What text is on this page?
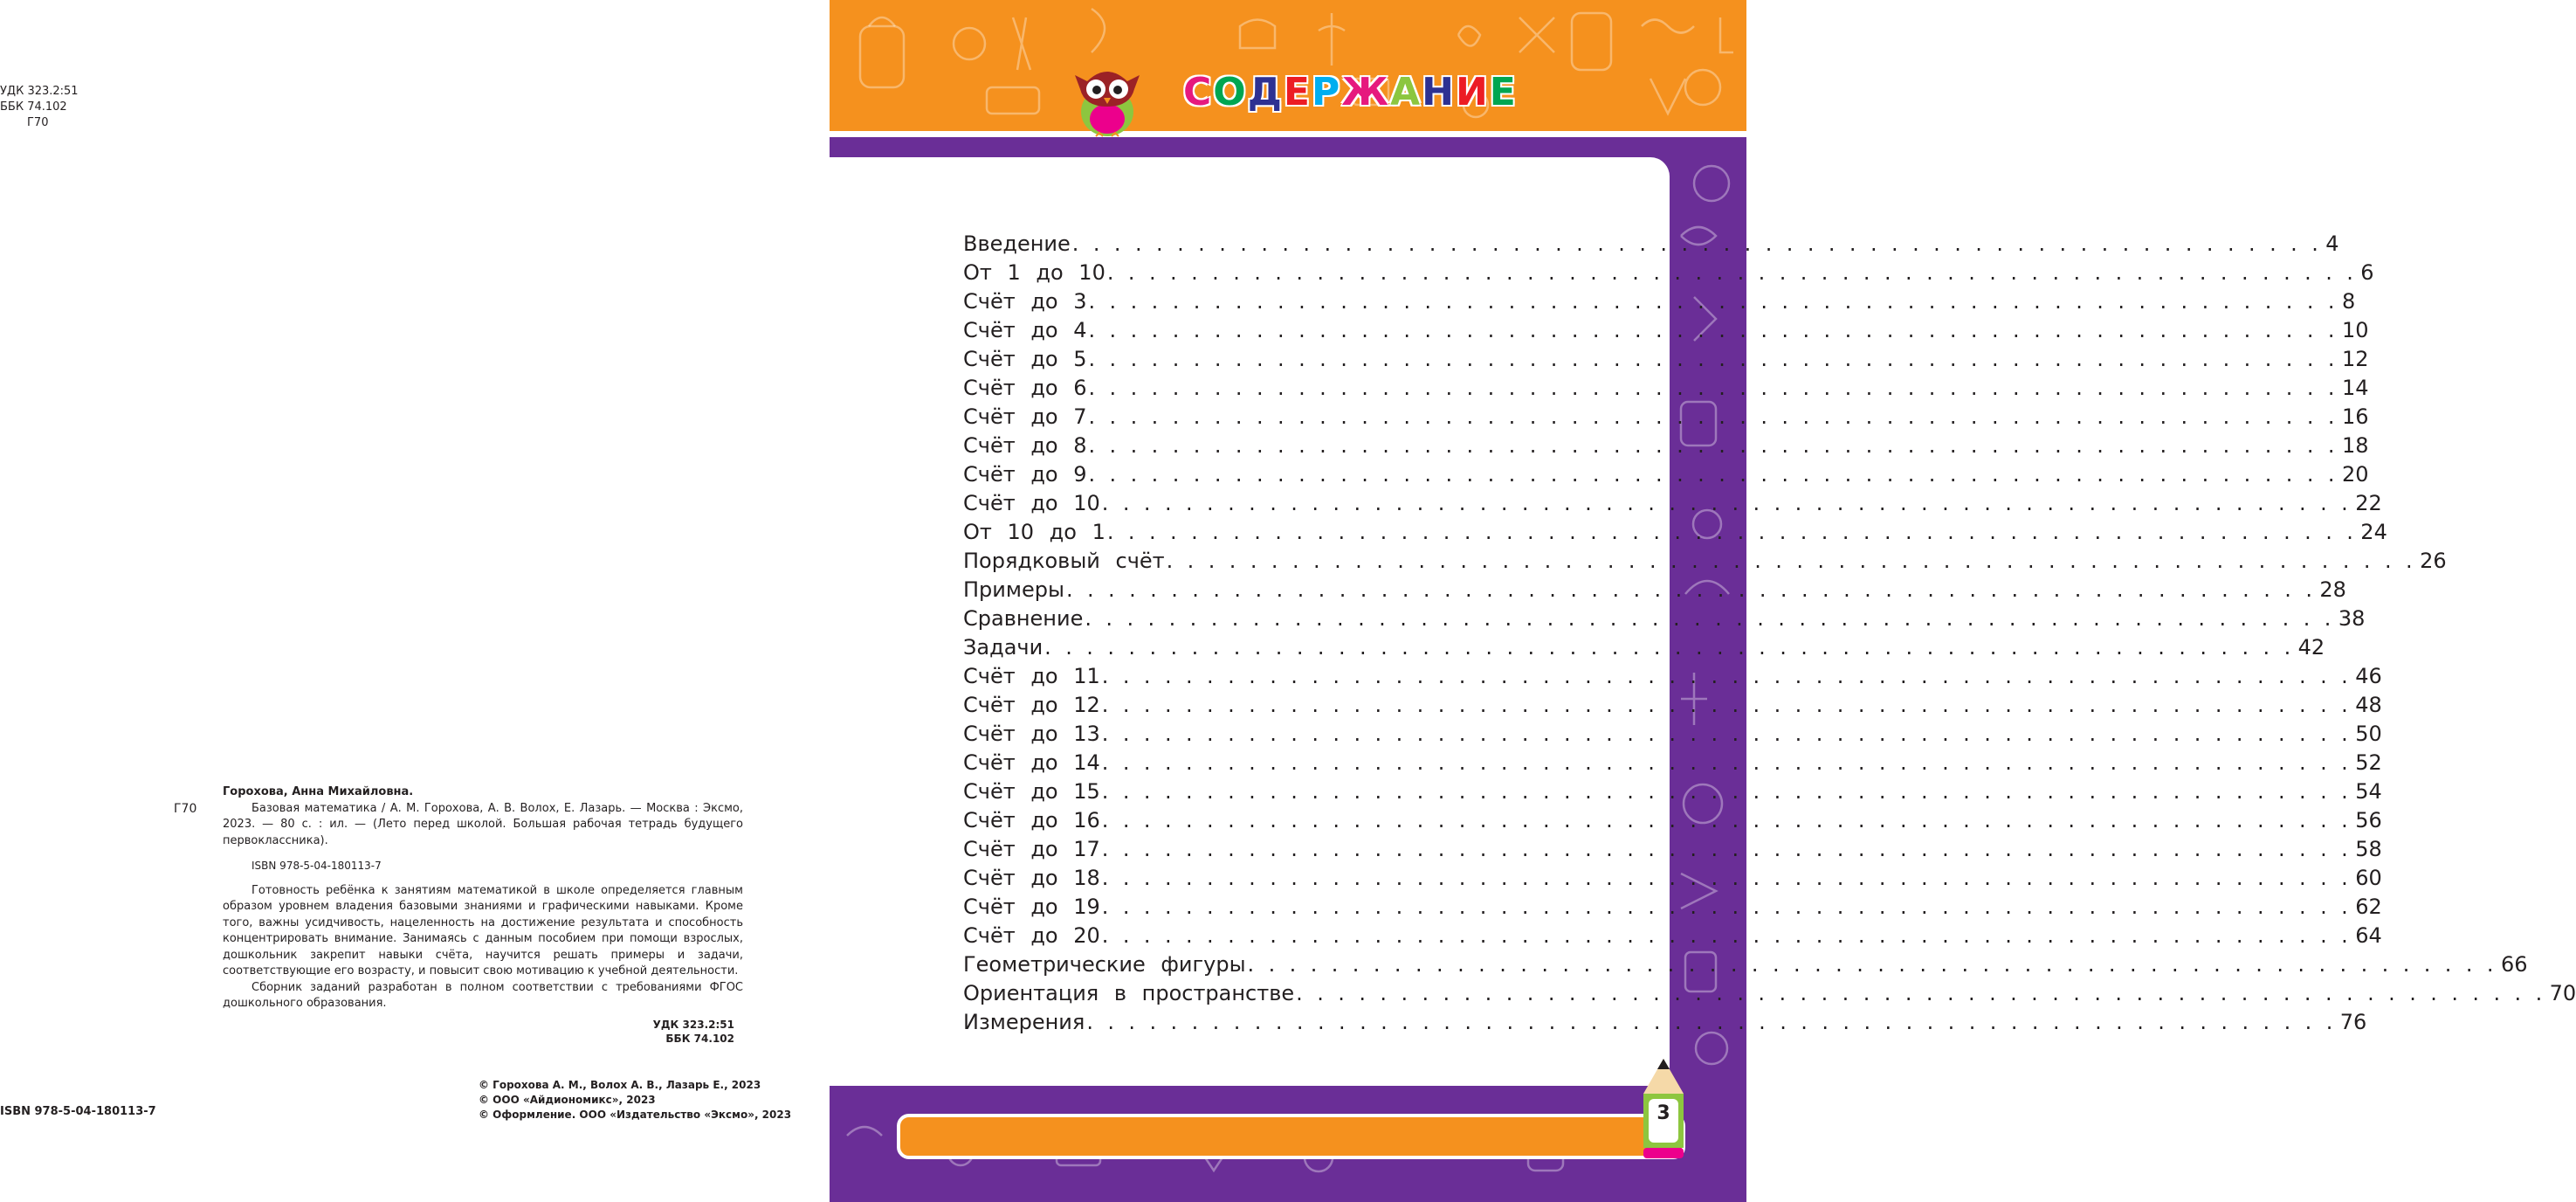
УДК 323.2:51
ББК 74.102
Г70
Г70
Горохова, Анна Михайловна.

Базовая математика / А. М. Горохова, А. В. Волох, Е. Лазарь. — Москва : Эксмо, 2023. — 80 с. : ил. — (Лето перед школой. Большая рабочая тетрадь будущего первоклассника).

ISBN 978-5-04-180113-7

Готовность ребёнка к занятиям математикой в школе определяется главным образом уровнем владения базовыми знаниями и графическими навыками. Кроме того, важны усидчивость, нацеленность на достижение результата и способность концентрировать внимание. Занимаясь с данным пособием при помощи взрослых, дошкольник закрепит навыки счёта, научится решать примеры и задачи, соответствующие его возрасту, и повысит свою мотивацию к учебной деятельности.

Сборник заданий разработан в полном соответствии с требованиями ФГОС дошкольного образования.

УДК 323.2:51
ББК 74.102
ISBN 978-5-04-180113-7
© Горохова А. М., Волох А. В., Лазарь Е., 2023
© ООО «Айдиономикс», 2023
© Оформление. ООО «Издательство «Эксмо», 2023
СОДЕРЖАНИЕ
Введение . . . . . . . . . . . . . . . . . . . . . . . . . . . . . . . . . . . . . . . . . . . . . . . . . . . . . . . . . . . . 4
От 1 до 10 . . . . . . . . . . . . . . . . . . . . . . . . . . . . . . . . . . . . . . . . . . . . . . . . . . . . . . . . . . . . 6
Счёт до 3 . . . . . . . . . . . . . . . . . . . . . . . . . . . . . . . . . . . . . . . . . . . . . . . . . . . . . . . . . . . . 8
Счёт до 4 . . . . . . . . . . . . . . . . . . . . . . . . . . . . . . . . . . . . . . . . . . . . . . . . . . . . . . . . . . . . 10
Счёт до 5 . . . . . . . . . . . . . . . . . . . . . . . . . . . . . . . . . . . . . . . . . . . . . . . . . . . . . . . . . . . . 12
Счёт до 6 . . . . . . . . . . . . . . . . . . . . . . . . . . . . . . . . . . . . . . . . . . . . . . . . . . . . . . . . . . . . 14
Счёт до 7 . . . . . . . . . . . . . . . . . . . . . . . . . . . . . . . . . . . . . . . . . . . . . . . . . . . . . . . . . . . . 16
Счёт до 8 . . . . . . . . . . . . . . . . . . . . . . . . . . . . . . . . . . . . . . . . . . . . . . . . . . . . . . . . . . . . 18
Счёт до 9 . . . . . . . . . . . . . . . . . . . . . . . . . . . . . . . . . . . . . . . . . . . . . . . . . . . . . . . . . . . . 20
Счёт до 10 . . . . . . . . . . . . . . . . . . . . . . . . . . . . . . . . . . . . . . . . . . . . . . . . . . . . . . . . . . . . 22
От 10 до 1 . . . . . . . . . . . . . . . . . . . . . . . . . . . . . . . . . . . . . . . . . . . . . . . . . . . . . . . . . . . . 24
Порядковый счёт . . . . . . . . . . . . . . . . . . . . . . . . . . . . . . . . . . . . . . . . . . . . . . . . . . . . . . . . . . . . 26
Примеры . . . . . . . . . . . . . . . . . . . . . . . . . . . . . . . . . . . . . . . . . . . . . . . . . . . . . . . . . . . . 28
Сравнение . . . . . . . . . . . . . . . . . . . . . . . . . . . . . . . . . . . . . . . . . . . . . . . . . . . . . . . . . . . . 38
Задачи . . . . . . . . . . . . . . . . . . . . . . . . . . . . . . . . . . . . . . . . . . . . . . . . . . . . . . . . . . . . 42
Счёт до 11 . . . . . . . . . . . . . . . . . . . . . . . . . . . . . . . . . . . . . . . . . . . . . . . . . . . . . . . . . . . . 46
Счёт до 12 . . . . . . . . . . . . . . . . . . . . . . . . . . . . . . . . . . . . . . . . . . . . . . . . . . . . . . . . . . . . 48
Счёт до 13 . . . . . . . . . . . . . . . . . . . . . . . . . . . . . . . . . . . . . . . . . . . . . . . . . . . . . . . . . . . . 50
Счёт до 14 . . . . . . . . . . . . . . . . . . . . . . . . . . . . . . . . . . . . . . . . . . . . . . . . . . . . . . . . . . . . 52
Счёт до 15 . . . . . . . . . . . . . . . . . . . . . . . . . . . . . . . . . . . . . . . . . . . . . . . . . . . . . . . . . . . . 54
Счёт до 16 . . . . . . . . . . . . . . . . . . . . . . . . . . . . . . . . . . . . . . . . . . . . . . . . . . . . . . . . . . . . 56
Счёт до 17 . . . . . . . . . . . . . . . . . . . . . . . . . . . . . . . . . . . . . . . . . . . . . . . . . . . . . . . . . . . . 58
Счёт до 18 . . . . . . . . . . . . . . . . . . . . . . . . . . . . . . . . . . . . . . . . . . . . . . . . . . . . . . . . . . . . 60
Счёт до 19 . . . . . . . . . . . . . . . . . . . . . . . . . . . . . . . . . . . . . . . . . . . . . . . . . . . . . . . . . . . . 62
Счёт до 20 . . . . . . . . . . . . . . . . . . . . . . . . . . . . . . . . . . . . . . . . . . . . . . . . . . . . . . . . . . . . 64
Геометрические фигуры . . . . . . . . . . . . . . . . . . . . . . . . . . . . . . . . . . . . . . . . . . . . . . . . . . . . . . . . . . . . 66
Ориентация в пространстве . . . . . . . . . . . . . . . . . . . . . . . . . . . . . . . . . . . . . . . . . . . . . . . . . . . . . . . . . . . . 70
Измерения . . . . . . . . . . . . . . . . . . . . . . . . . . . . . . . . . . . . . . . . . . . . . . . . . . . . . . . . . . . . 76
3
